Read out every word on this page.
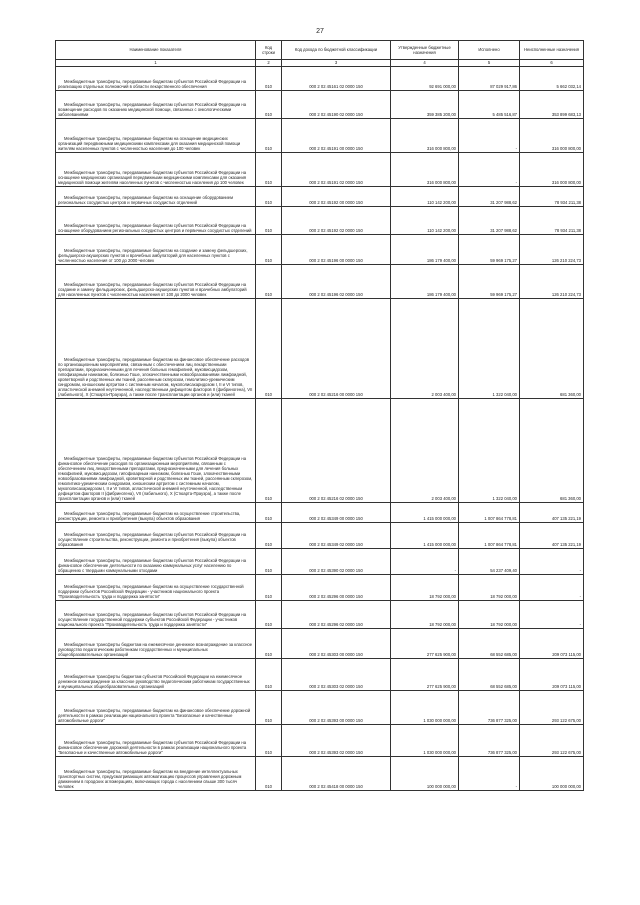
27
Наименование показателя	Код строки	Код дохода по бюджетной классификации	Утвержденные бюджетные назначения	Исполнено	Неисполненные назначения
1	2	3	4	5	6
Межбюджетные трансферты, передаваемые бюджетам субъектов Российской Федерации на реализацию отдельных полномочий в области лекарственного обеспечения	010	000 2 02 45161 02 0000 150	92 691 000,00	87 029 917,86	5 662 032,14
Межбюджетные трансферты, передаваемые бюджетам субъектов Российской Федерации на возмещение расходов по оказанию медицинской помощи, связанных с онкологическими заболеваниями	010	000 2 02 45190 02 0000 150	359 385 200,00	5 485 516,87	353 899 683,13
Межбюджетные трансферты, передаваемые бюджетам на оснащение медицинских организаций передвижными медицинскими комплексами для оказания медицинской помощи жителям населенных пунктов с численностью населения до 100 человек	010	000 2 02 45191 00 0000 150	316 000 800,00	-	316 000 800,00
Межбюджетные трансферты, передаваемые бюджетам субъектов Российской Федерации на оснащение медицинских организаций передвижными медицинскими комплексами для оказания медицинской помощи жителям населенных пунктов с численностью населения до 100 человек	010	000 2 02 45191 02 0000 150	316 000 800,00	-	316 000 800,00
Межбюджетные трансферты, передаваемые бюджетам на оснащение оборудованием региональных сосудистых центров и первичных сосудистых отделений	010	000 2 02 45192 00 0000 150	110 142 200,00	31 207 988,62	78 934 211,38
Межбюджетные трансферты, передаваемые бюджетам субъектов Российской Федерации на оснащение оборудованием региональных сосудистых центров и первичных сосудистых отделений	010	000 2 02 45192 02 0000 150	110 142 200,00	31 207 988,62	78 934 211,38
Межбюджетные трансферты, передаваемые бюджетам на создание и замену фельдшерских, фельдшерско-акушерских пунктов и врачебных амбулаторий для населенных пунктов с численностью населения от 100 до 2000 человек	010	000 2 02 45196 00 0000 150	186 179 400,00	59 969 175,27	126 210 224,73
Межбюджетные трансферты, передаваемые бюджетам субъектов Российской Федерации на создание и замену фельдшерских, фельдшерско-акушерских пунктов и врачебных амбулаторий для населенных пунктов с численностью населения от 100 до 2000 человек	010	000 2 02 45196 02 0000 150	186 179 400,00	59 969 175,27	126 210 224,73
Межбюджетные трансферты, передаваемые бюджетам на финансовое обеспечение расходов по организационным мероприятиям, связанным с обеспечением лиц лекарственными препаратами, предназначенными для лечения больных гемофилией, муковисцидозом, гипофизарным нанизмом, болезнью Гоше, злокачественными новообразованиями лимфоидной, кроветворной и родственных им тканей, рассеянным склерозом, гемолитико-уремическим синдромом, юношеским артритом с системным началом, мукополисахаридозом I, II и VI типов, апластической анемией неуточненной, наследственным дефицитом факторов II (фибриногена), VII (лабильного), X (Стюарта-Прауэра), а также после трансплантации органов и (или) тканей	010	000 2 02 45216 00 0000 150	2 003 400,00	1 322 040,00	681 360,00
Межбюджетные трансферты, передаваемые бюджетам субъектов Российской Федерации на финансовое обеспечение расходов по организационным мероприятиям, связанным с обеспечением лиц лекарственными препаратами, предназначенными для лечения больных гемофилией, муковисцидозом, гипофизарным нанизмом, болезнью Гоше, злокачественными новообразованиями лимфоидной, кроветворной и родственных им тканей, рассеянным склерозом, гемолитико-уремическим синдромом, юношеским артритом с системным началом, мукополисахаридозом I, II и VI типов, апластической анемией неуточненной, наследственным дефицитом факторов II (фибриногена), VII (лабильного), X (Стюарта-Прауэра), а также после трансплантации органов и (или) тканей	010	000 2 02 45216 02 0000 150	2 003 400,00	1 322 040,00	681 360,00
Межбюджетные трансферты, передаваемые бюджетам на осуществление строительства, реконструкции, ремонта и приобретения (выкупа) объектов образования	010	000 2 02 45349 00 0000 150	1 415 000 000,00	1 007 864 778,81	407 135 221,19
Межбюджетные трансферты, передаваемые бюджетам субъектов Российской Федерации на осуществление строительства, реконструкции, ремонта и приобретения (выкупа) объектов образования	010	000 2 02 45349 02 0000 150	1 415 000 000,00	1 007 864 778,81	407 135 221,19
Межбюджетные трансферты, передаваемые бюджетам субъектов Российской Федерации на финансовое обеспечение деятельности по оказанию коммунальных услуг населению по обращению с твердыми коммунальными отходами	010	000 2 02 45390 02 0000 150	-	54 237 409,40	-
Межбюджетные трансферты, передаваемые бюджетам на осуществление государственной поддержки субъектов Российской Федерации - участников национального проекта "Производительность труда и поддержка занятости"	010	000 2 02 45296 00 0000 150	18 792 000,00	18 792 000,00	-
Межбюджетные трансферты, передаваемые бюджетам субъектов Российской Федерации на осуществление государственной поддержки субъектов Российской Федерации - участников национального проекта "Производительность труда и поддержка занятости"	010	000 2 02 45296 02 0000 150	18 792 000,00	18 792 000,00	-
Межбюджетные трансферты бюджетам на ежемесячное денежное вознаграждение за классное руководство педагогическим работникам государственных и муниципальных общеобразовательных организаций	010	000 2 02 45303 00 0000 150	277 625 900,00	68 552 685,00	209 073 115,00
Межбюджетные трансферты бюджетам субъектов Российской Федерации на ежемесячное денежное вознаграждение за классное руководство педагогическим работникам государственных и муниципальных общеобразовательных организаций	010	000 2 02 45303 02 0000 150	277 625 900,00	68 552 685,00	209 073 115,00
Межбюджетные трансферты, передаваемые бюджетам на финансовое обеспечение дорожной деятельности в рамках реализации национального проекта "Безопасные и качественные автомобильные дороги"	010	000 2 02 45393 00 0000 150	1 030 000 000,00	736 877 325,00	293 122 675,00
Межбюджетные трансферты, передаваемые бюджетам субъектов Российской Федерации на финансовое обеспечение дорожной деятельности в рамках реализации национального проекта "Безопасные и качественные автомобильные дороги"	010	000 2 02 45393 02 0000 150	1 030 000 000,00	736 877 325,00	293 122 675,00
Межбюджетные трансферты, передаваемые бюджетам на внедрение интеллектуальных транспортных систем, предусматривающих автоматизацию процессов управления дорожным движением в городских агломерациях, включающих города с населением свыше 300 тысяч человек	010	000 2 02 45418 00 0000 150	100 000 000,00	-	100 000 000,00
